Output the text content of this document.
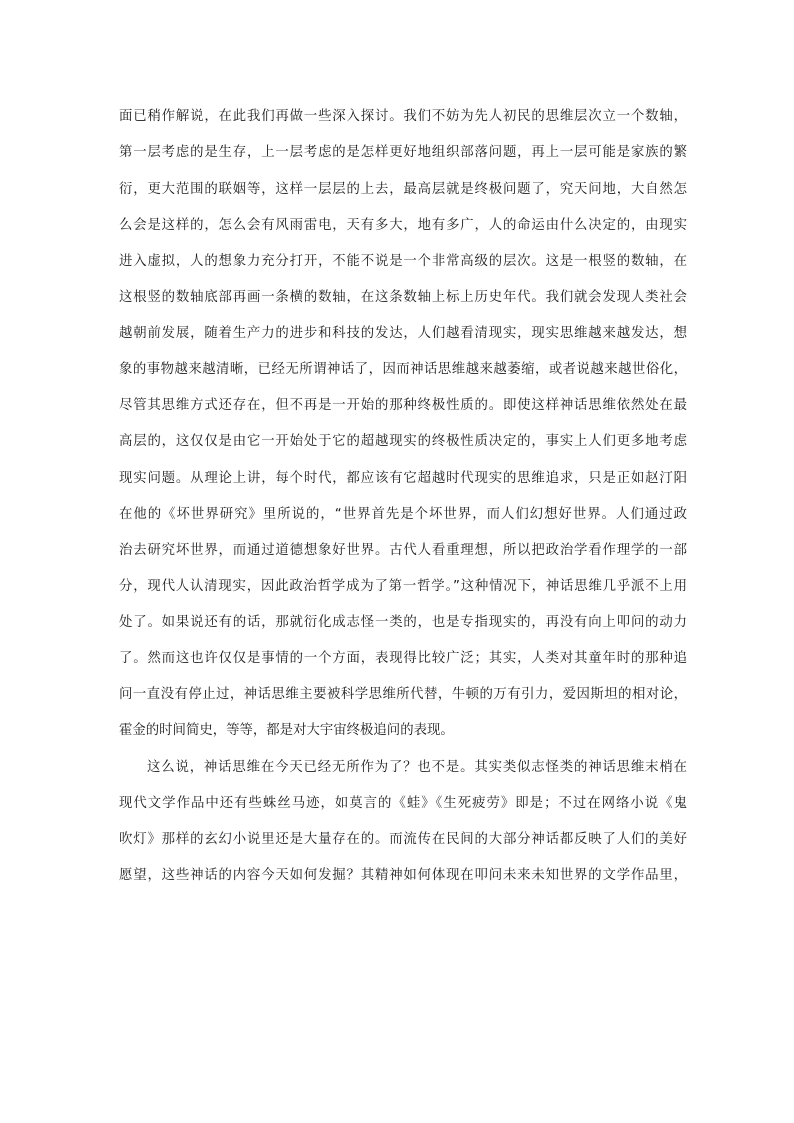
面已稍作解说，在此我们再做一些深入探讨。我们不妨为先人初民的思维层次立一个数轴，
第一层考虑的是生存，上一层考虑的是怎样更好地组织部落问题，再上一层可能是家族的繁
衍，更大范围的联姻等，这样一层层的上去，最高层就是终极问题了，究天问地，大自然怎
么会是这样的，怎么会有风雨雷电，天有多大，地有多广，人的命运由什么决定的，由现实
进入虚拟，人的想象力充分打开，不能不说是一个非常高级的层次。这是一根竖的数轴，在
这根竖的数轴底部再画一条横的数轴，在这条数轴上标上历史年代。我们就会发现人类社会
越朝前发展，随着生产力的进步和科技的发达，人们越看清现实，现实思维越来越发达，想
象的事物越来越清晰，已经无所谓神话了，因而神话思维越来越萎缩，或者说越来越世俗化，
尽管其思维方式还存在，但不再是一开始的那种终极性质的。即使这样神话思维依然处在最
高层的，这仅仅是由它一开始处于它的超越现实的终极性质决定的，事实上人们更多地考虑
现实问题。从理论上讲，每个时代，都应该有它超越时代现实的思维追求，只是正如赵汀阳
在他的《坏世界研究》里所说的，“世界首先是个坏世界，而人们幻想好世界。人们通过政
治去研究坏世界，而通过道德想象好世界。古代人看重理想，所以把政治学看作理学的一部
分，现代人认清现实，因此政治哲学成为了第一哲学。”这种情况下，神话思维几乎派不上用
处了。如果说还有的话，那就衍化成志怪一类的，也是专指现实的，再没有向上叩问的动力
了。然而这也许仅仅是事情的一个方面，表现得比较广泛；其实，人类对其童年时的那种追
问一直没有停止过，神话思维主要被科学思维所代替，牛顿的万有引力，爱因斯坦的相对论，
霍金的时间简史，等等，都是对大宇宙终极追问的表现。
这么说，神话思维在今天已经无所作为了？也不是。其实类似志怪类的神话思维末梢在
现代文学作品中还有些蛛丝马迹，如莫言的《蛙》《生死疲劳》即是；不过在网络小说《鬼
吹灯》那样的玄幻小说里还是大量存在的。而流传在民间的大部分神话都反映了人们的美好
愿望，这些神话的内容今天如何发掘？其精神如何体现在叩问未来未知世界的文学作品里，
